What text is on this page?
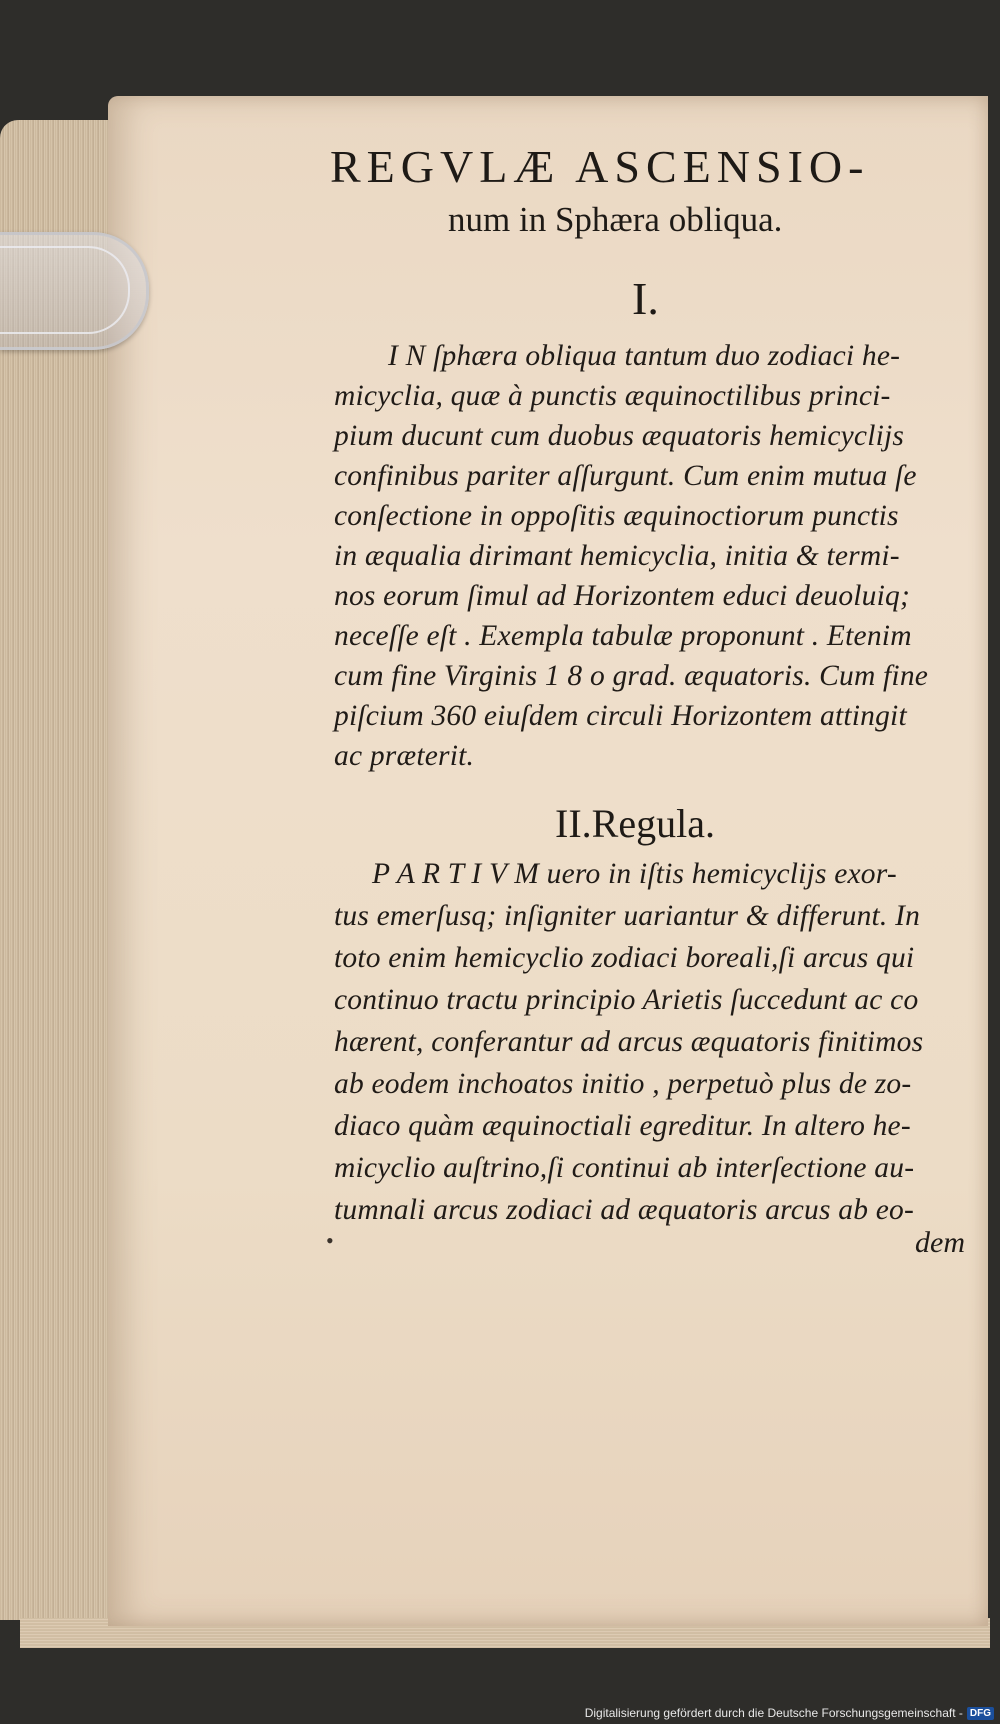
REGVLÆ ASCENSIO-
num in Sphæra obliqua.
I.
I N ſphæra obliqua tantum duo zodiaci he-
micyclia, quæ à punctis æquinoctilibus princi-
pium ducunt cum duobus æquatoris hemicyclijs
confinibus pariter aſſurgunt. Cum enim mutua ſe
conſectione in oppoſitis æquinoctiorum punctis
in æqualia dirimant hemicyclia, initia & termi-
nos eorum ſimul ad Horizontem educi deuoluiq;
neceſſe eſt . Exempla tabulæ proponunt . Etenim
cum fine Virginis 1 8 o grad. æquatoris. Cum fine
piſcium 360 eiuſdem circuli Horizontem attingit
ac præterit.
II.Regula.
P A R T I V M uero in iſtis hemicyclijs exor-
tus emerſusq; inſigniter uariantur & differunt. In
toto enim hemicyclio zodiaci boreali,ſi arcus qui
continuo tractu principio Arietis ſuccedunt ac co
hærent, conferantur ad arcus æquatoris finitimos
ab eodem inchoatos initio , perpetuò plus de zo-
diaco quàm æquinoctiali egreditur. In altero he-
micyclio auſtrino,ſi continui ab interſectione au-
tumnali arcus zodiaci ad æquatoris arcus ab eo-
•	dem
Digitalisierung gefördert durch die Deutsche Forschungsgemeinschaft - DFG
